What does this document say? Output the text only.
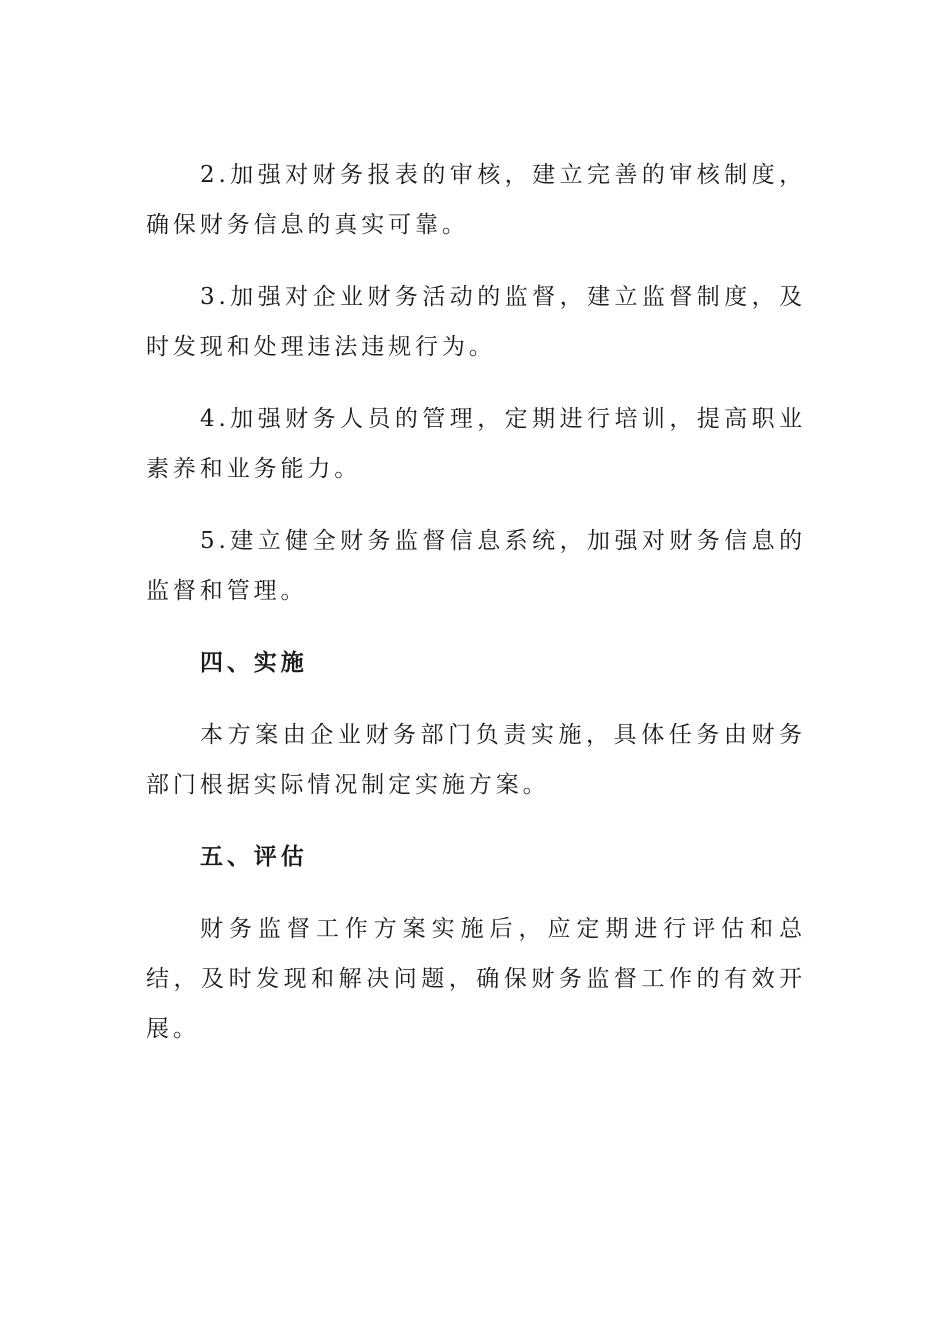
2.加强对财务报表的审核，建立完善的审核制度，确保财务信息的真实可靠。

3.加强对企业财务活动的监督，建立监督制度，及时发现和处理违法违规行为。

4.加强财务人员的管理，定期进行培训，提高职业素养和业务能力。

5.建立健全财务监督信息系统，加强对财务信息的监督和管理。

四、实施

本方案由企业财务部门负责实施，具体任务由财务部门根据实际情况制定实施方案。

五、评估

财务监督工作方案实施后，应定期进行评估和总结，及时发现和解决问题，确保财务监督工作的有效开展。
